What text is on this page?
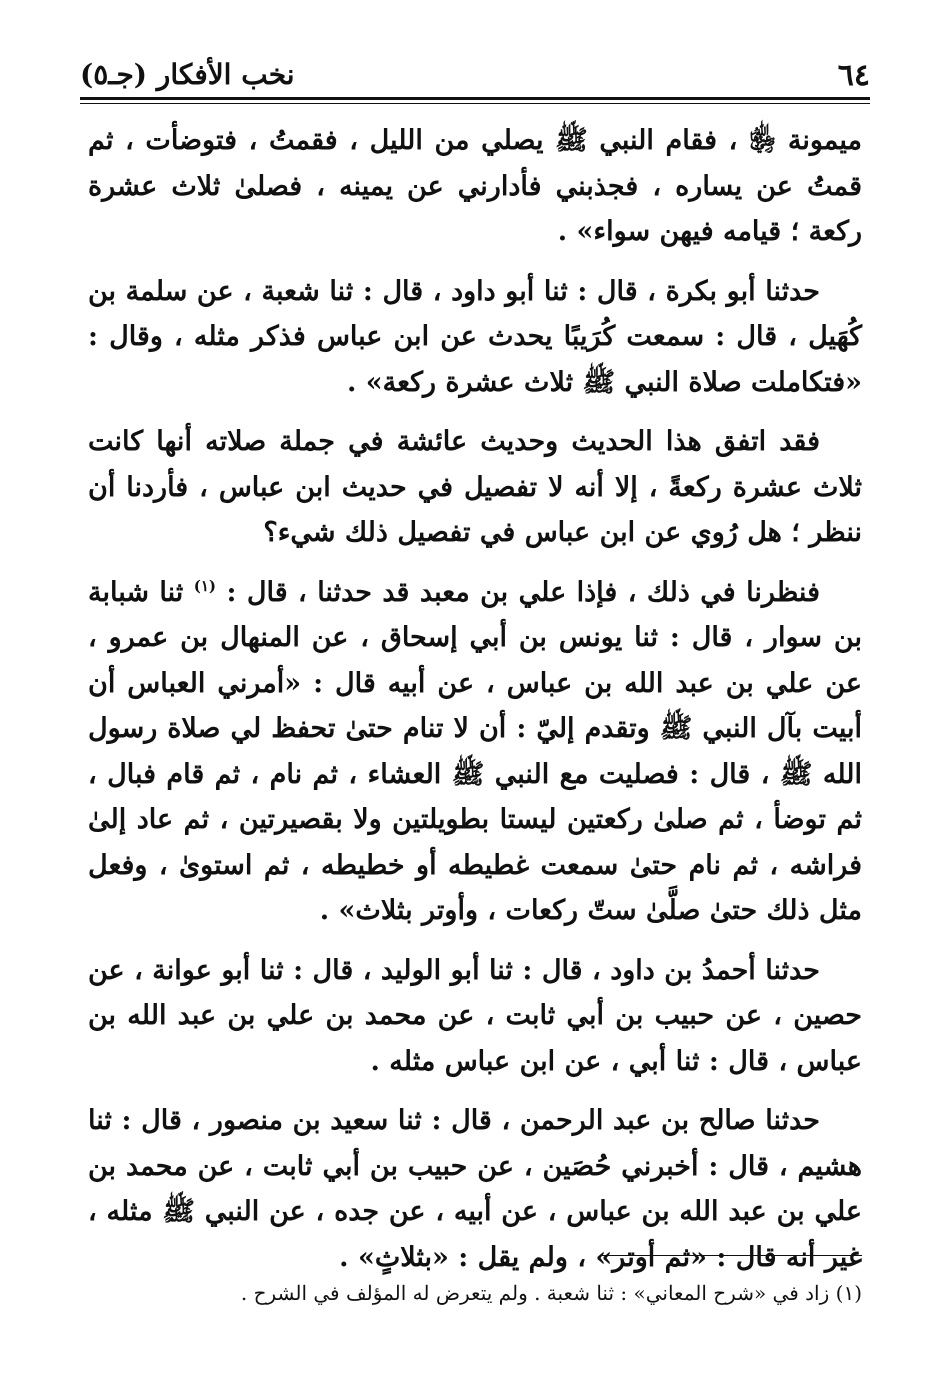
٦٤
نخب الأفكار (جـ٥)

ميمونة ﵂ ، فقام النبي ﷺ يصلي من الليل ، فقمتُ ، فتوضأت ، ثم قمتُ عن يساره ، فجذبني فأدارني عن يمينه ، فصلىٰ ثلاث عشرة ركعة ؛ قيامه فيهن سواء» .

حدثنا أبو بكرة ، قال : ثنا أبو داود ، قال : ثنا شعبة ، عن سلمة بن كُهَيل ، قال : سمعت كُرَيبًا يحدث عن ابن عباس فذكر مثله ، وقال : «فتكاملت صلاة النبي ﷺ ثلاث عشرة ركعة» .

فقد اتفق هذا الحديث وحديث عائشة في جملة صلاته أنها كانت ثلاث عشرة ركعةً ، إلا أنه لا تفصيل في حديث ابن عباس ، فأردنا أن ننظر ؛ هل رُوي عن ابن عباس في تفصيل ذلك شيء؟

فنظرنا في ذلك ، فإذا علي بن معبد قد حدثنا ، قال : $^{(١)}$ ثنا شبابة بن سوار ، قال : ثنا يونس بن أبي إسحاق ، عن المنهال بن عمرو ، عن علي بن عبد الله بن عباس ، عن أبيه قال : «أمرني العباس أن أبيت بآل النبي ﷺ وتقدم إليّ : أن لا تنام حتىٰ تحفظ لي صلاة رسول الله ﷺ ، قال : فصليت مع النبي ﷺ العشاء ، ثم نام ، ثم قام فبال ، ثم توضأ ، ثم صلىٰ ركعتين ليستا بطويلتين ولا بقصيرتين ، ثم عاد إلىٰ فراشه ، ثم نام حتىٰ سمعت غطيطه أو خطيطه ، ثم استوىٰ ، وفعل مثل ذلك حتىٰ صلَّىٰ ستّ ركعات ، وأوتر بثلاث» .

حدثنا أحمدُ بن داود ، قال : ثنا أبو الوليد ، قال : ثنا أبو عوانة ، عن حصين ، عن حبيب بن أبي ثابت ، عن محمد بن علي بن عبد الله بن عباس ، قال : ثنا أبي ، عن ابن عباس مثله .

حدثنا صالح بن عبد الرحمن ، قال : ثنا سعيد بن منصور ، قال : ثنا هشيم ، قال : أخبرني حُصَين ، عن حبيب بن أبي ثابت ، عن محمد بن علي بن عبد الله بن عباس ، عن أبيه ، عن جده ، عن النبي ﷺ مثله ، غير أنه قال : «ثم أوتر» ، ولم يقل : «بثلاثٍ» .

(١) زاد في «شرح المعاني» : ثنا شعبة . ولم يتعرض له المؤلف في الشرح .
